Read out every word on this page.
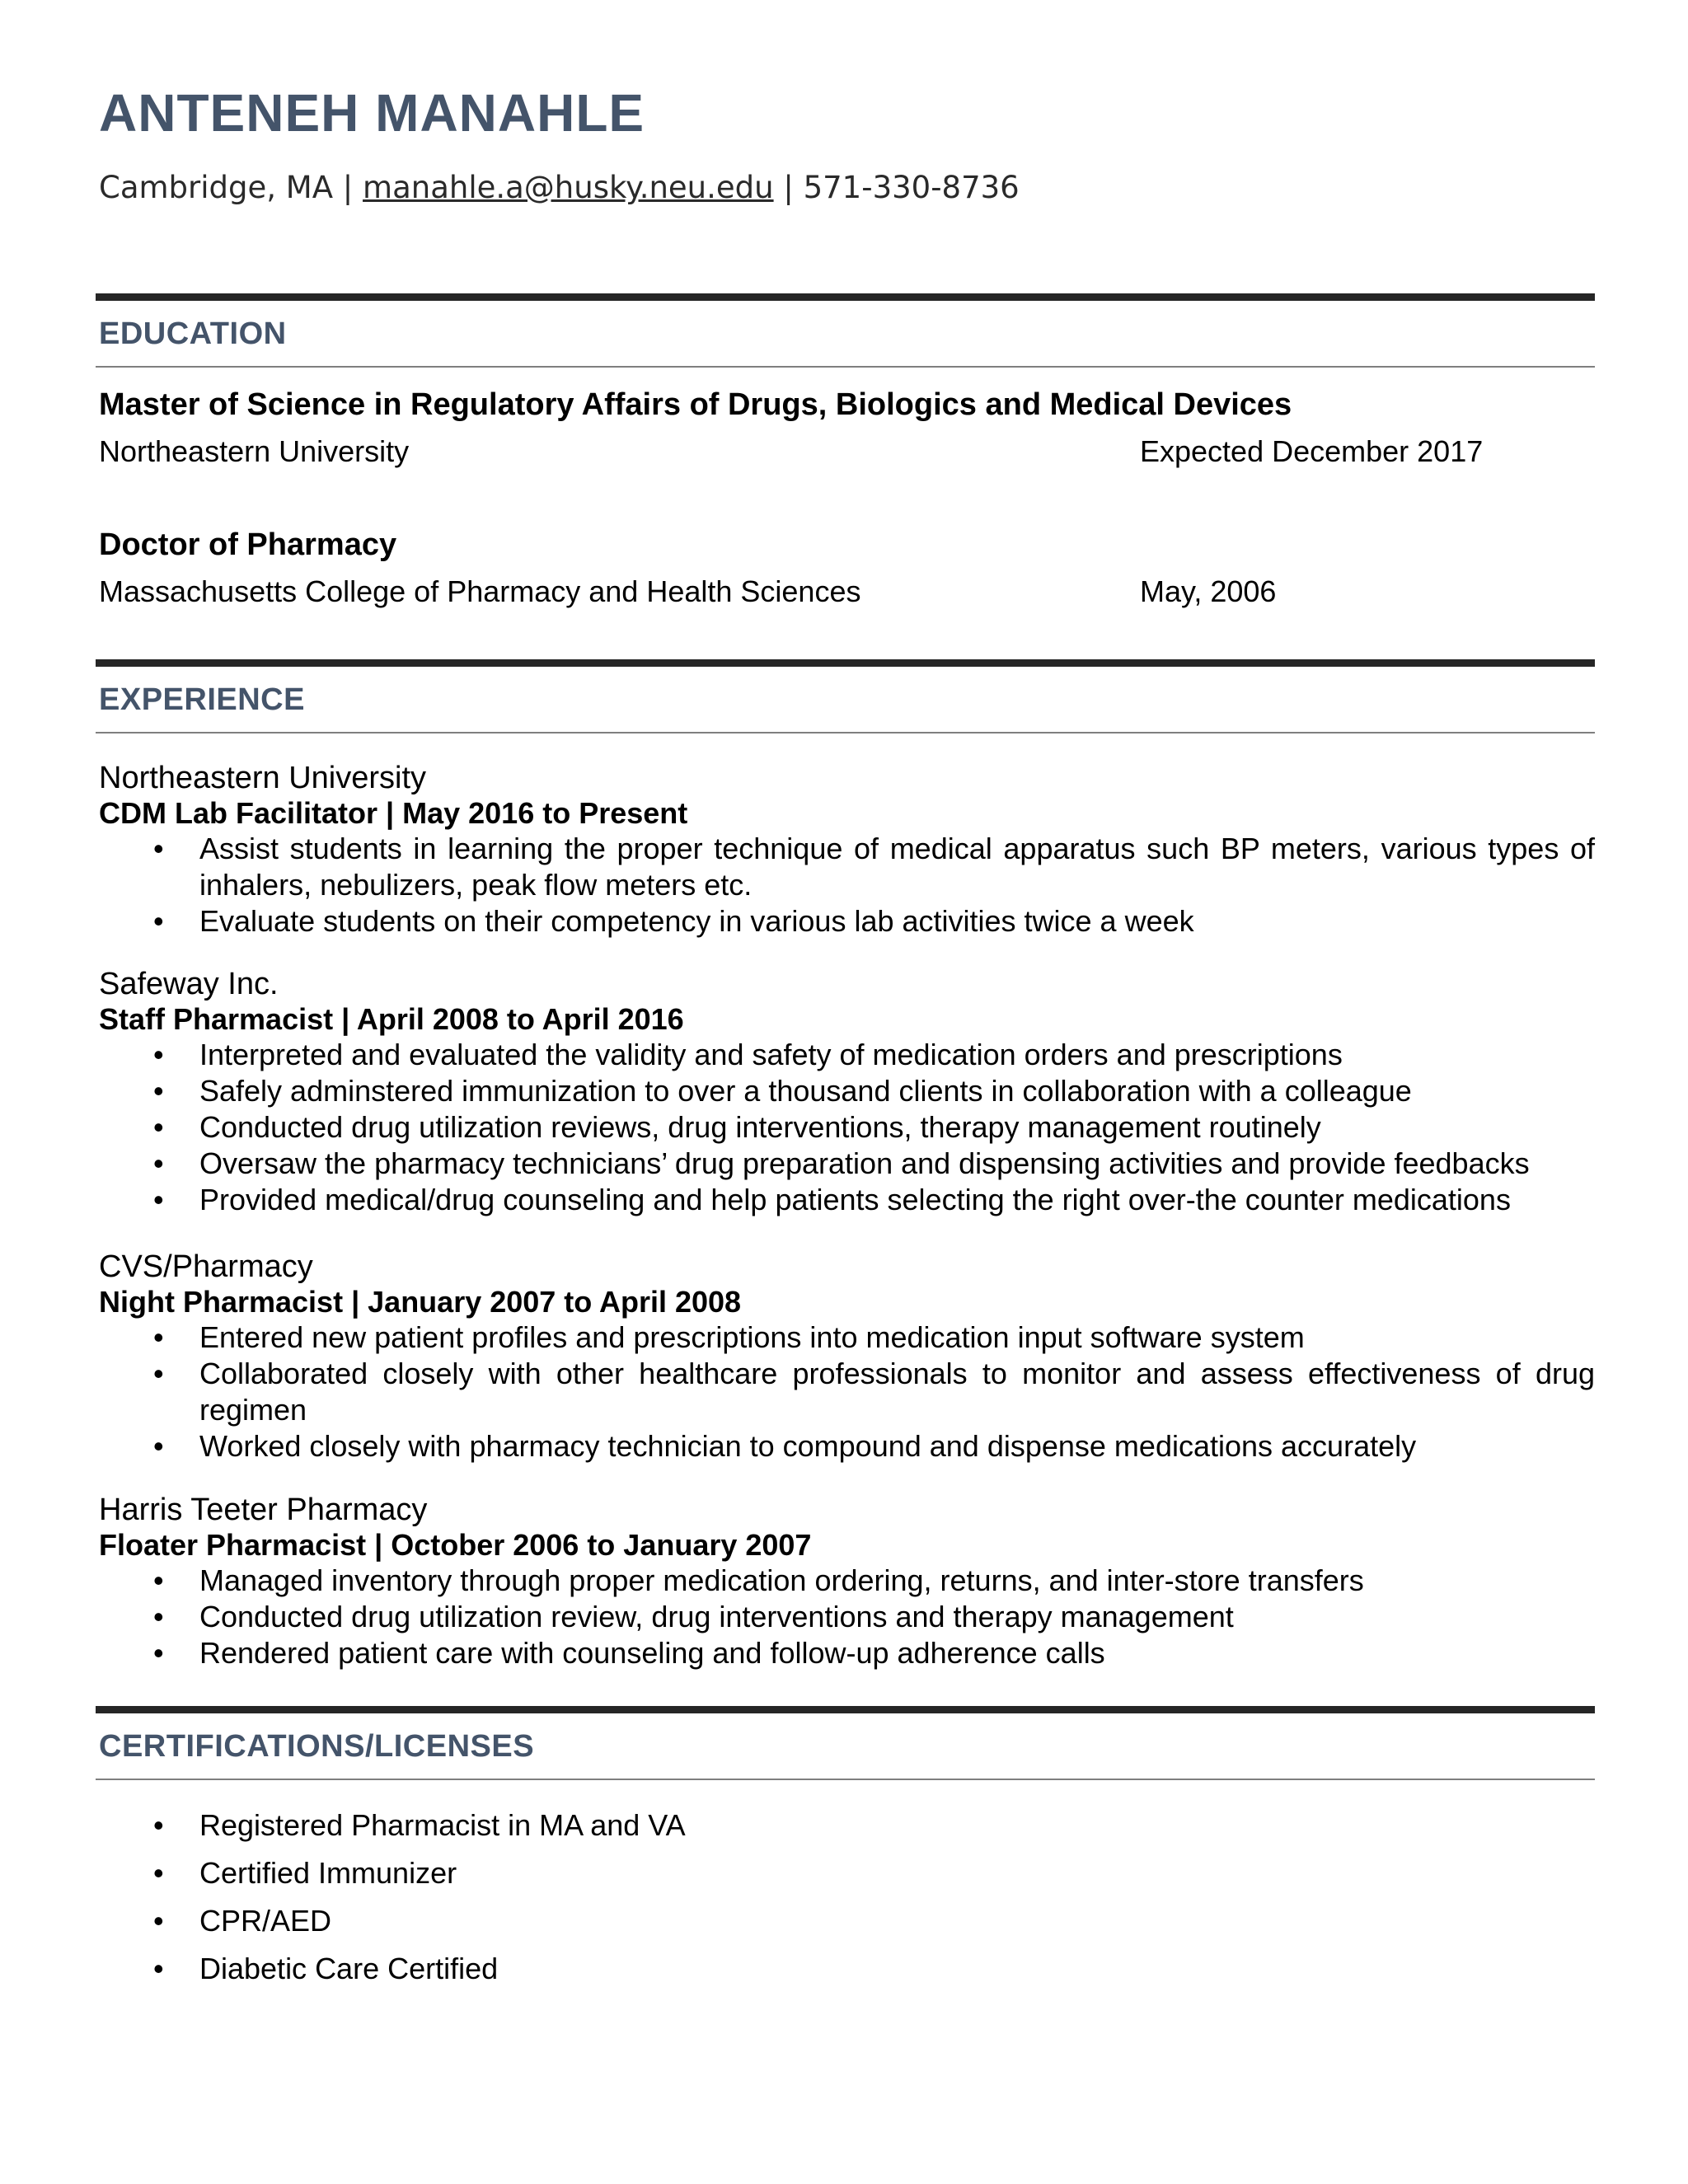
ANTENEH MANAHLE
Cambridge, MA | manahle.a@husky.neu.edu | 571-330-8736
EDUCATION
Master of Science in Regulatory Affairs of Drugs, Biologics and Medical Devices
Northeastern University	Expected December 2017
Doctor of Pharmacy
Massachusetts College of Pharmacy and Health Sciences	May, 2006
EXPERIENCE
Northeastern University
CDM Lab Facilitator | May 2016 to Present
• Assist students in learning the proper technique of medical apparatus such BP meters, various types of inhalers, nebulizers, peak flow meters etc.
• Evaluate students on their competency in various lab activities twice a week
Safeway Inc.
Staff Pharmacist | April 2008 to April 2016
• Interpreted and evaluated the validity and safety of medication orders and prescriptions
• Safely adminstered immunization to over a thousand clients in collaboration with a colleague
• Conducted drug utilization reviews, drug interventions, therapy management routinely
• Oversaw the pharmacy technicians’ drug preparation and dispensing activities and provide feedbacks
• Provided medical/drug counseling and help patients selecting the right over-the counter medications
CVS/Pharmacy
Night Pharmacist | January 2007 to April 2008
• Entered new patient profiles and prescriptions into medication input software system
• Collaborated closely with other healthcare professionals to monitor and assess effectiveness of drug regimen
• Worked closely with pharmacy technician to compound and dispense medications accurately
Harris Teeter Pharmacy
Floater Pharmacist | October 2006 to January 2007
• Managed inventory through proper medication ordering, returns, and inter-store transfers
• Conducted drug utilization review, drug interventions and therapy management
• Rendered patient care with counseling and follow-up adherence calls
CERTIFICATIONS/LICENSES
• Registered Pharmacist in MA and VA
• Certified Immunizer
• CPR/AED
• Diabetic Care Certified
